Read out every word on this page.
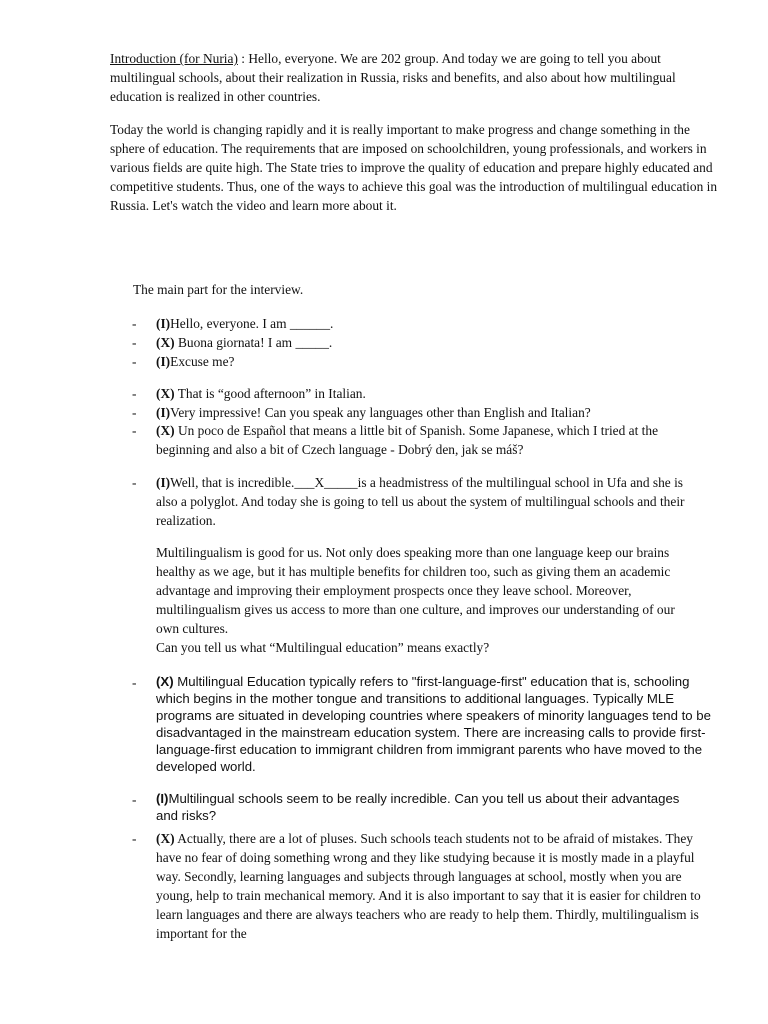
Introduction (for Nuria) : Hello, everyone. We are 202 group. And today we are going to tell you about multilingual schools, about their realization in Russia, risks and benefits, and also about how multilingual education is realized in other countries.
Today the world is changing rapidly and it is really important to make progress and change something in the sphere of education. The requirements that are imposed on schoolchildren, young professionals, and workers in various fields are quite high. The State tries to improve the quality of education and prepare highly educated and competitive students. Thus, one of the ways to achieve this goal was the introduction of multilingual education in Russia. Let's watch the video and learn more about it.
The main part for the interview.
- (I)Hello, everyone. I am ______.
- (X) Buona giornata! I am _____.
- (I)Excuse me?
- (X) That is “good afternoon” in Italian.
- (I)Very impressive! Can you speak any languages other than English and Italian?
- (X) Un poco de Español that means a little bit of Spanish. Some Japanese, which I tried at the beginning and also a bit of Czech language - Dobrý den, jak se máš?
- (I)Well, that is incredible.___X_____is a headmistress of the multilingual school in Ufa and she is also a polyglot. And today she is going to tell us about the system of multilingual schools and their realization.
Multilingualism is good for us. Not only does speaking more than one language keep our brains healthy as we age, but it has multiple benefits for children too, such as giving them an academic advantage and improving their employment prospects once they leave school. Moreover, multilingualism gives us access to more than one culture, and improves our understanding of our own cultures.
Can you tell us what “Multilingual education” means exactly?
- (X) Multilingual Education typically refers to "first-language-first" education that is, schooling which begins in the mother tongue and transitions to additional languages. Typically MLE programs are situated in developing countries where speakers of minority languages tend to be disadvantaged in the mainstream education system. There are increasing calls to provide first-language-first education to immigrant children from immigrant parents who have moved to the developed world.
- (I)Multilingual schools seem to be really incredible. Can you tell us about their advantages and risks?
- (X) Actually, there are a lot of pluses. Such schools teach students not to be afraid of mistakes. They have no fear of doing something wrong and they like studying because it is mostly made in a playful way. Secondly, learning languages and subjects through languages at school, mostly when you are young, help to train mechanical memory. And it is also important to say that it is easier for children to learn languages and there are always teachers who are ready to help them. Thirdly, multilingualism is important for the
